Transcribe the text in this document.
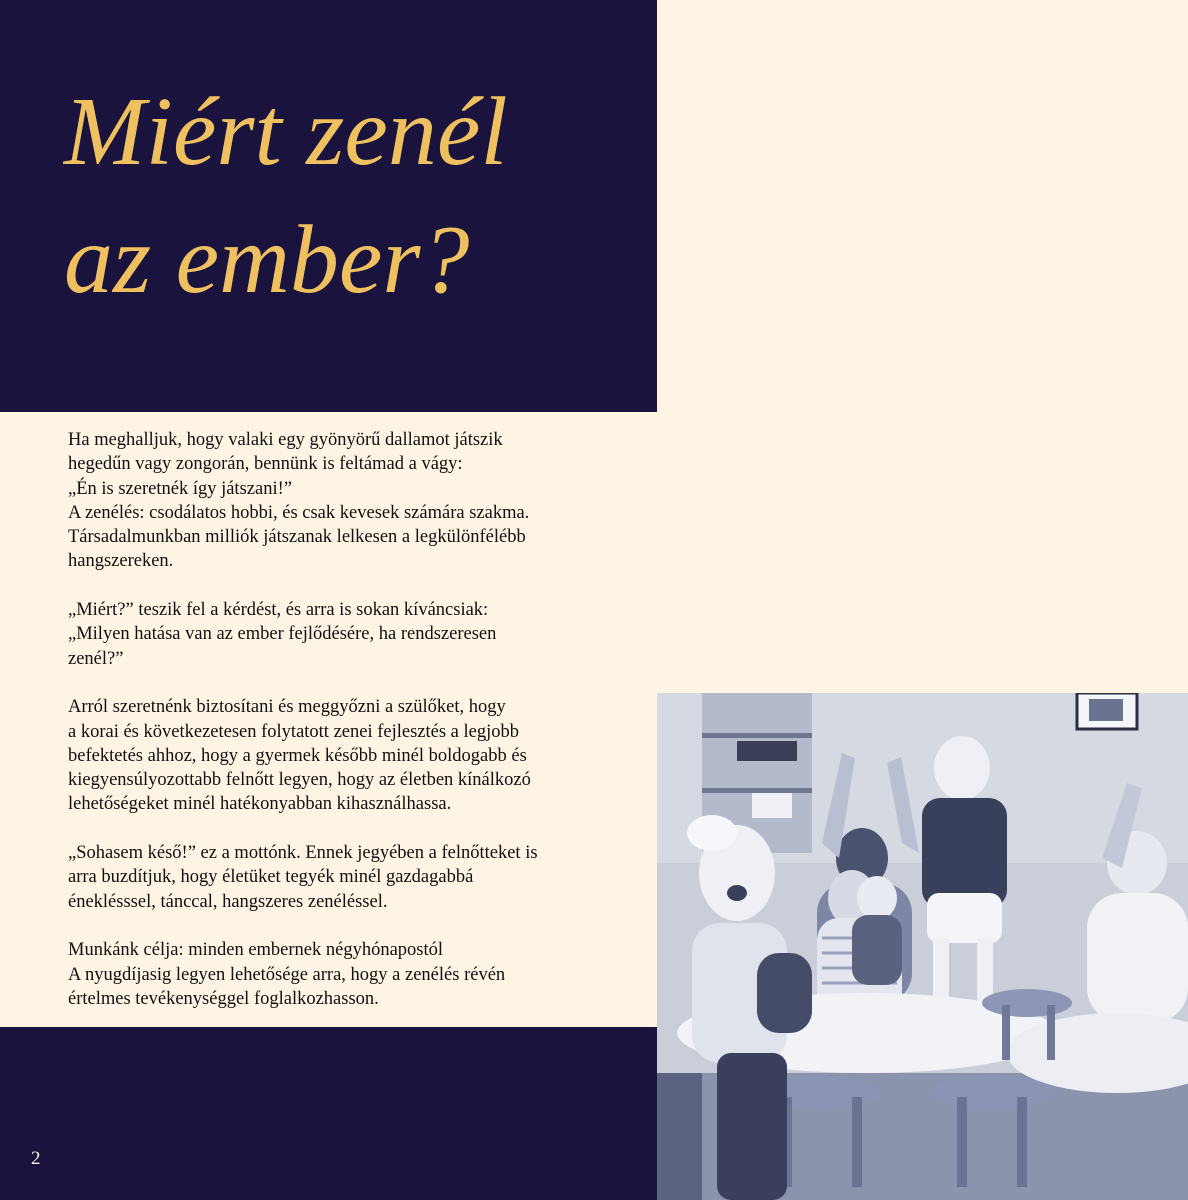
Miért zenél
az ember?

Ha meghalljuk, hogy valaki egy gyönyörű dallamot játszik
hegedűn vagy zongorán, bennünk is feltámad a vágy:
„Én is szeretnék így játszani!”
A zenélés: csodálatos hobbi, és csak kevesek számára szakma.
Társadalmunkban milliók játszanak lelkesen a legkülönfélébb
hangszereken.

„Miért?” teszik fel a kérdést, és arra is sokan kíváncsiak:
„Milyen hatása van az ember fejlődésére, ha rendszeresen
zenél?”

Arról szeretnénk biztosítani és meggyőzni a szülőket, hogy
a korai és következetesen folytatott zenei fejlesztés a legjobb
befektetés ahhoz, hogy a gyermek később minél boldogabb és
kiegyensúlyozottabb felnőtt legyen, hogy az életben kínálkozó
lehetőségeket minél hatékonyabban kihasználhassa.

„Sohasem késő!” ez a mottónk. Ennek jegyében a felnőtteket is
arra buzdítjuk, hogy életüket tegyék minél gazdagabbá
éneklésssel, tánccal, hangszeres zenéléssel.

Munkánk célja: minden embernek négyhónapostól
A nyugdíjasig legyen lehetősége arra, hogy a zenélés révén
értelmes tevékenységgel foglalkozhasson.

2
